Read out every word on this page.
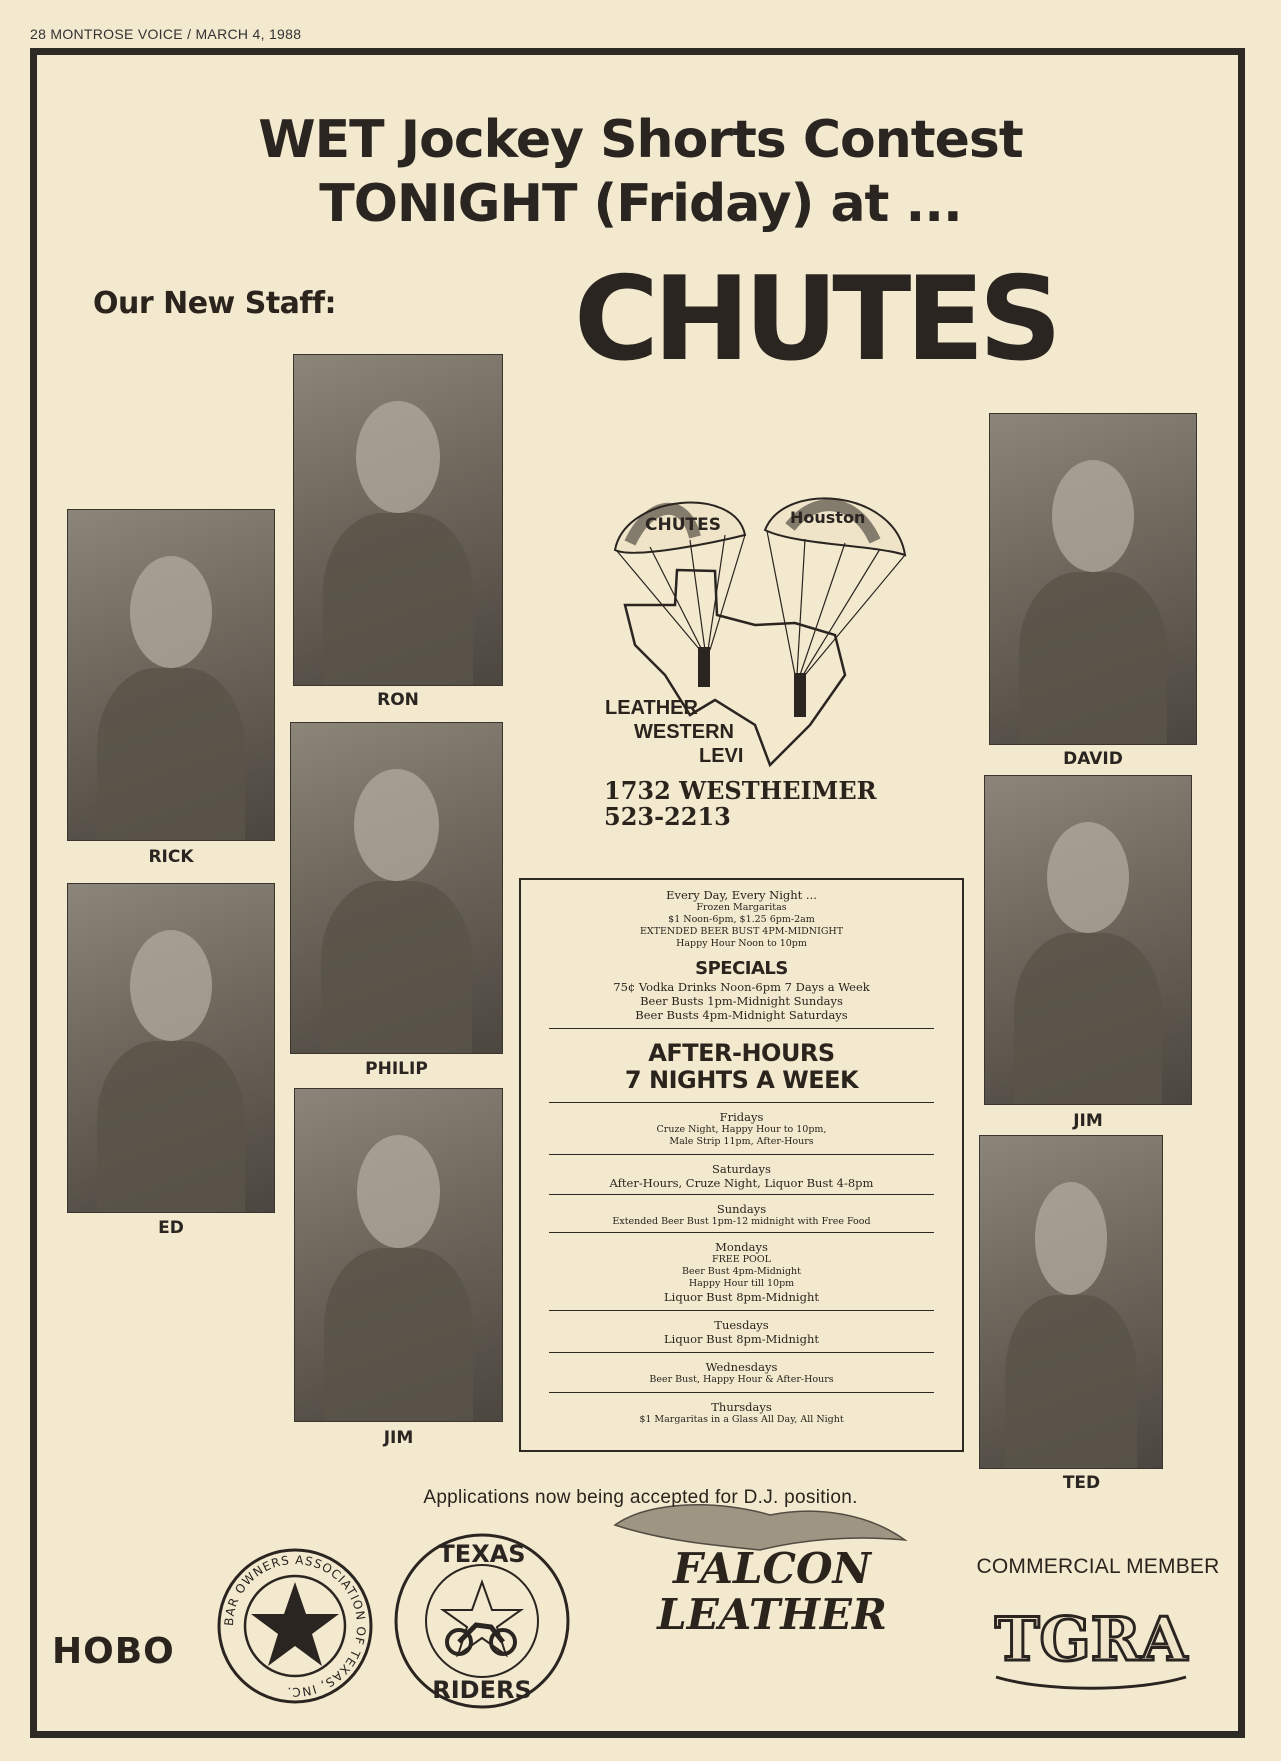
28 MONTROSE VOICE / MARCH 4, 1988
WET Jockey Shorts Contest
TONIGHT (Friday) at ...
Our New Staff:	CHUTES
RON
RICK
PHILIP
ED
JIM
DAVID
JIM
TED
CHUTES	Houston
LEATHER
WESTERN
LEVI
1732 WESTHEIMER
523-2213
Every Day, Every Night ...
Frozen Margaritas
$1 Noon-6pm, $1.25 6pm-2am
EXTENDED BEER BUST 4PM-MIDNIGHT
Happy Hour Noon to 10pm
SPECIALS
75¢ Vodka Drinks Noon-6pm 7 Days a Week
Beer Busts 1pm-Midnight Sundays
Beer Busts 4pm-Midnight Saturdays
AFTER-HOURS
7 NIGHTS A WEEK
Fridays
Cruze Night, Happy Hour to 10pm,
Male Strip 11pm, After-Hours
Saturdays
After-Hours, Cruze Night, Liquor Bust 4-8pm
Sundays
Extended Beer Bust 1pm-12 midnight with Free Food
Mondays
FREE POOL
Beer Bust 4pm-Midnight
Happy Hour till 10pm
Liquor Bust 8pm-Midnight
Tuesdays
Liquor Bust 8pm-Midnight
Wednesdays
Beer Bust, Happy Hour & After-Hours
Thursdays
$1 Margaritas in a Glass All Day, All Night
Applications now being accepted for D.J. position.
HOBO
BAR OWNERS ASSOCIATION OF TEXAS, INC.
TEXAS
RIDERS
FALCON
LEATHER
COMMERCIAL MEMBER
TGRA
